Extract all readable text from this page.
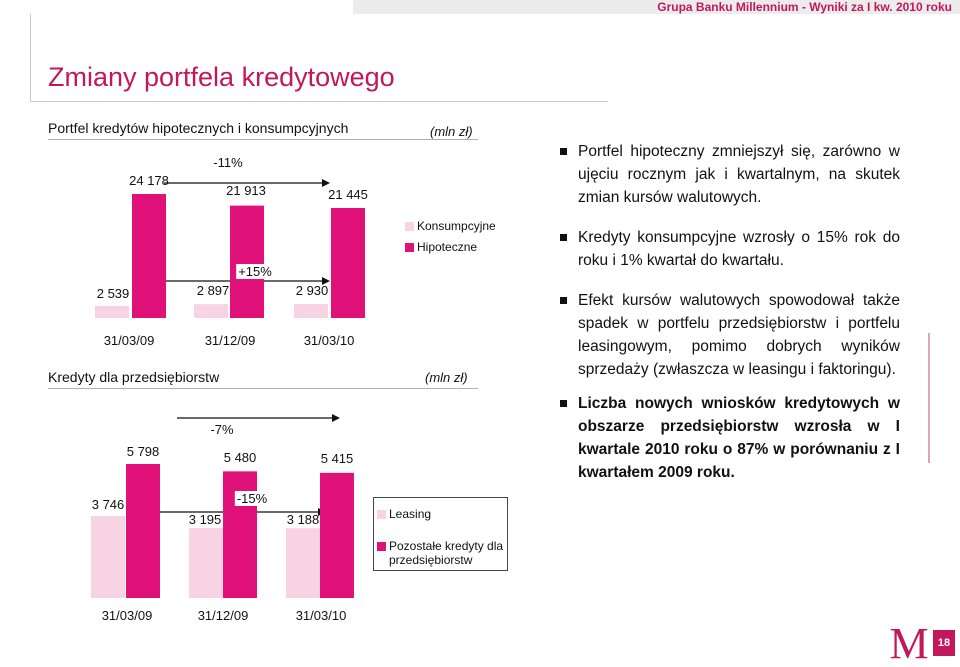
Grupa Banku Millennium - Wyniki za I kw. 2010 roku
Zmiany portfela kredytowego
Portfel kredytów hipotecznych i konsumpcyjnych	(mln zł)
24 178
21 913	21 445
2 539	2 897	2 930
-11%
+15%
31/03/09	31/12/09	31/03/10
Konsumpcyjne
Hipoteczne
Kredyty dla przedsiębiorstw	(mln zł)
5 798	5 480	5 415
3 746
3 195	3 188
-7%
-15%
31/03/09	31/12/09	31/03/10
Leasing
Pozostałe kredyty dla przedsiębiorstw
Portfel hipoteczny zmniejszył się, zarówno w ujęciu rocznym jak i kwartalnym, na skutek zmian kursów walutowych.
Kredyty konsumpcyjne wzrosły o 15% rok do roku i 1% kwartał do kwartału.
Efekt kursów walutowych spowodował także spadek w portfelu przedsiębiorstw i portfelu leasingowym, pomimo dobrych wyników sprzedaży (zwłaszcza w leasingu i faktoringu).
Liczba nowych wniosków kredytowych w obszarze przedsiębiorstw wzrosła w I kwartale 2010 roku o 87% w porównaniu z I kwartałem 2009 roku.
M 18
